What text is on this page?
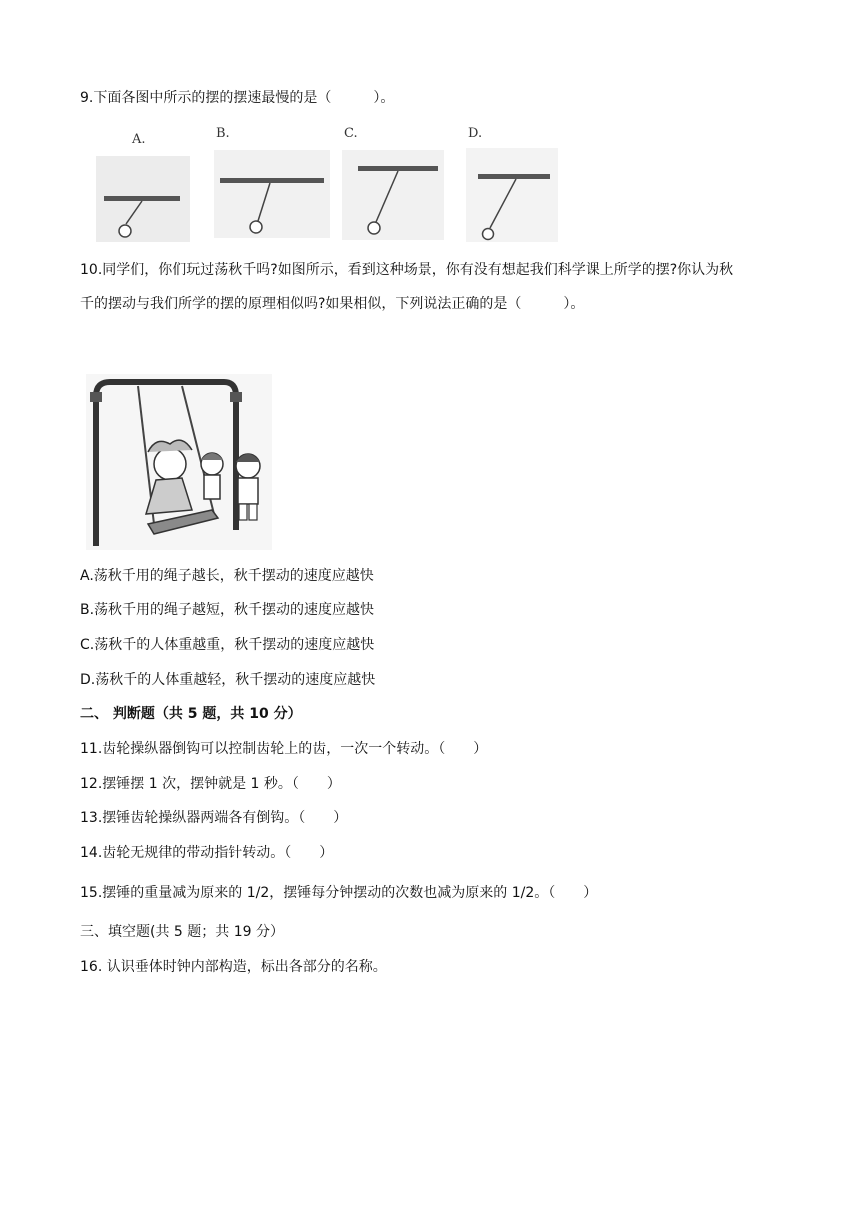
9.下面各图中所示的摆的摆速最慢的是（　　　）。
A.	B.	C.	D.
10.同学们，你们玩过荡秋千吗?如图所示，看到这种场景，你有没有想起我们科学课上所学的摆?你认为秋
千的摆动与我们所学的摆的原理相似吗?如果相似，下列说法正确的是（　　　）。
A.荡秋千用的绳子越长，秋千摆动的速度应越快
B.荡秋千用的绳子越短，秋千摆动的速度应越快
C.荡秋千的人体重越重，秋千摆动的速度应越快
D.荡秋千的人体重越轻，秋千摆动的速度应越快
二、 判断题（共 5 题，共 10 分）
11.齿轮操纵器倒钩可以控制齿轮上的齿，一次一个转动。（　　）
12.摆锤摆 1 次，摆钟就是 1 秒。（　　）
13.摆锤齿轮操纵器两端各有倒钩。（　　）
14.齿轮无规律的带动指针转动。（　　）
15.摆锤的重量减为原来的 1/2，摆锤每分钟摆动的次数也减为原来的 1/2。（　　）
三、填空题(共 5 题；共 19 分）
16. 认识垂体时钟内部构造，标出各部分的名称。
